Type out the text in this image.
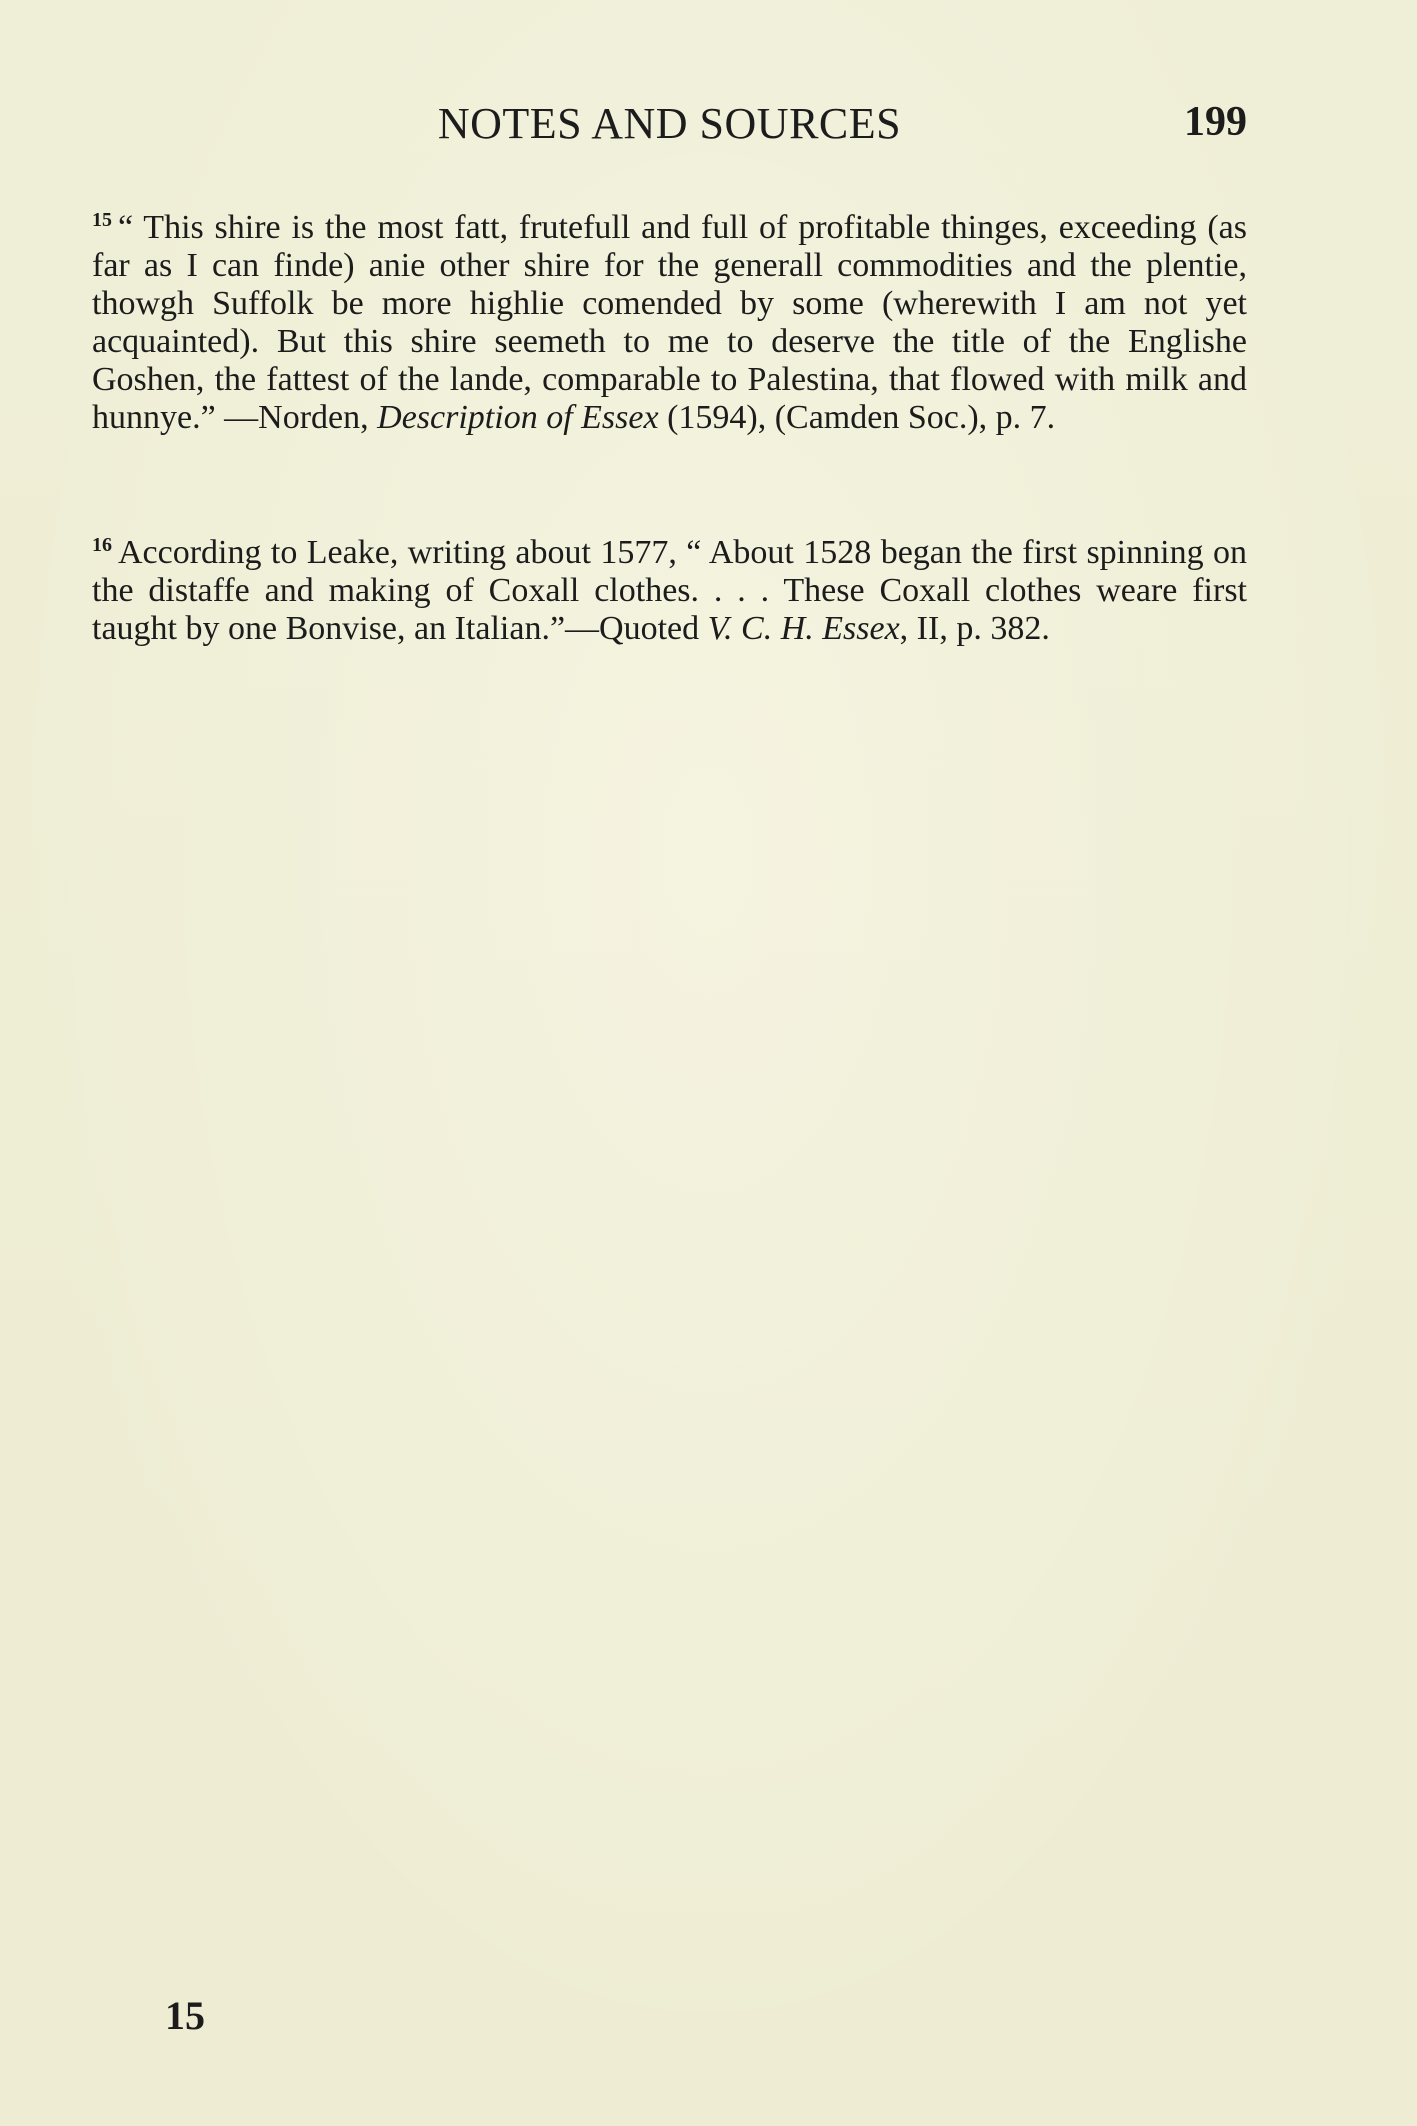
NOTES AND SOURCES	199

$^{15}$ “ This shire is the most fatt, frutefull and full of profitable thinges, exceeding (as far as I can finde) anie other shire for the generall commodities and the plentie, thowgh Suffolk be more highlie comended by some (wherewith I am not yet acquainted). But this shire seemeth to me to deserve the title of the Englishe Goshen, the fattest of the lande, comparable to Palestina, that flowed with milk and hunnye.” —Norden, Description of Essex (1594), (Camden Soc.), p. 7.

$^{16}$ According to Leake, writing about 1577, “ About 1528 began the first spinning on the distaffe and making of Coxall clothes. . . . These Coxall clothes weare first taught by one Bonvise, an Italian.”—Quoted V. C. H. Essex, II, p. 382.

15
